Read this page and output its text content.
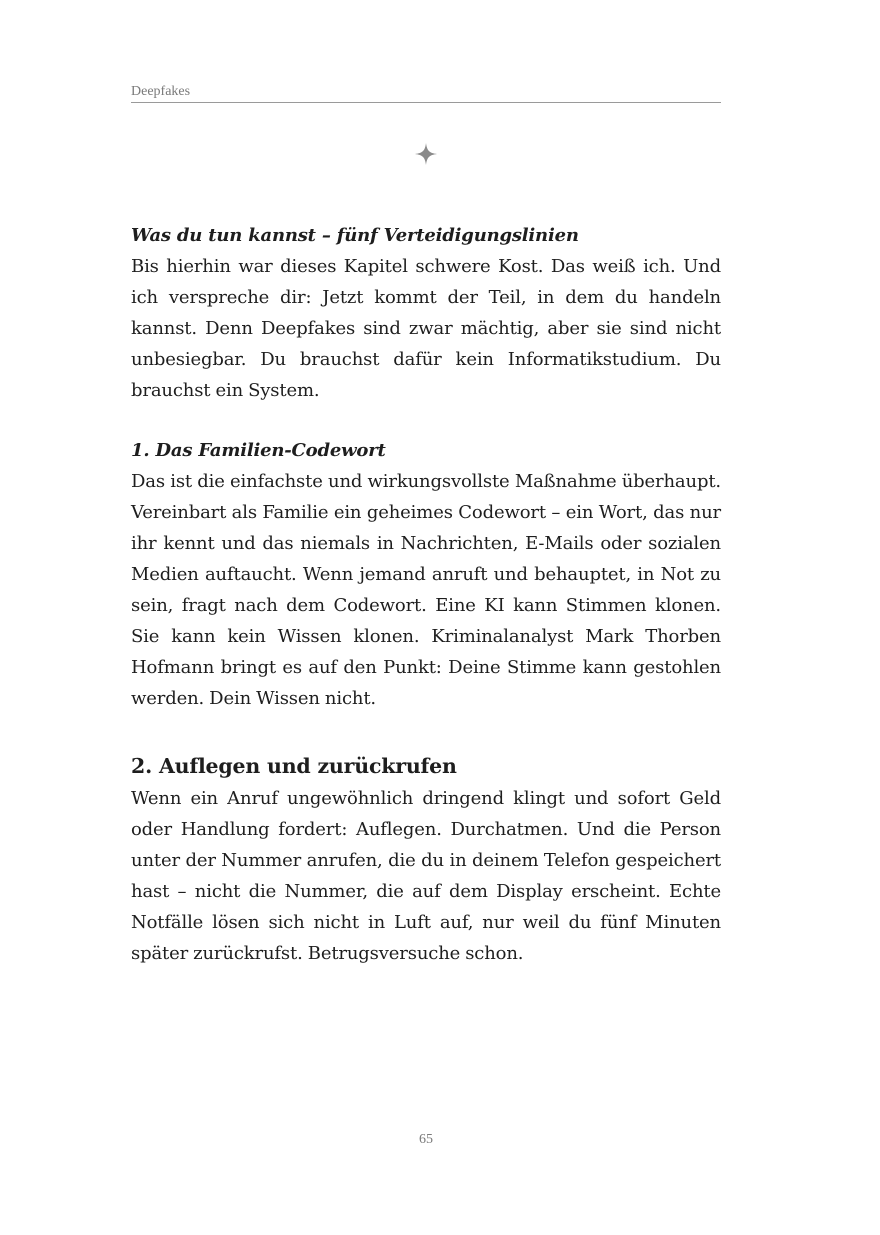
Deepfakes
Was du tun kannst – fünf Verteidigungslinien

Bis hierhin war dieses Kapitel schwere Kost. Das weiß ich. Und ich verspreche dir: Jetzt kommt der Teil, in dem du handeln kannst. Denn Deepfakes sind zwar mächtig, aber sie sind nicht unbesiegbar. Du brauchst dafür kein Informatikstudium. Du brauchst ein System.

1. Das Familien-Codewort

Das ist die einfachste und wirkungsvollste Maßnahme überhaupt. Vereinbart als Familie ein geheimes Codewort – ein Wort, das nur ihr kennt und das niemals in Nachrichten, E-Mails oder sozialen Medien auftaucht. Wenn jemand anruft und behauptet, in Not zu sein, fragt nach dem Codewort. Eine KI kann Stimmen klonen. Sie kann kein Wissen klonen. Kriminalanalyst Mark Thorben Hofmann bringt es auf den Punkt: Deine Stimme kann gestohlen werden. Dein Wissen nicht.

2. Auflegen und zurückrufen

Wenn ein Anruf ungewöhnlich dringend klingt und sofort Geld oder Handlung fordert: Auflegen. Durchatmen. Und die Person unter der Nummer anrufen, die du in deinem Telefon gespeichert hast – nicht die Nummer, die auf dem Display erscheint. Echte Notfälle lösen sich nicht in Luft auf, nur weil du fünf Minuten später zurückrufst. Betrugsversuche schon.

65
